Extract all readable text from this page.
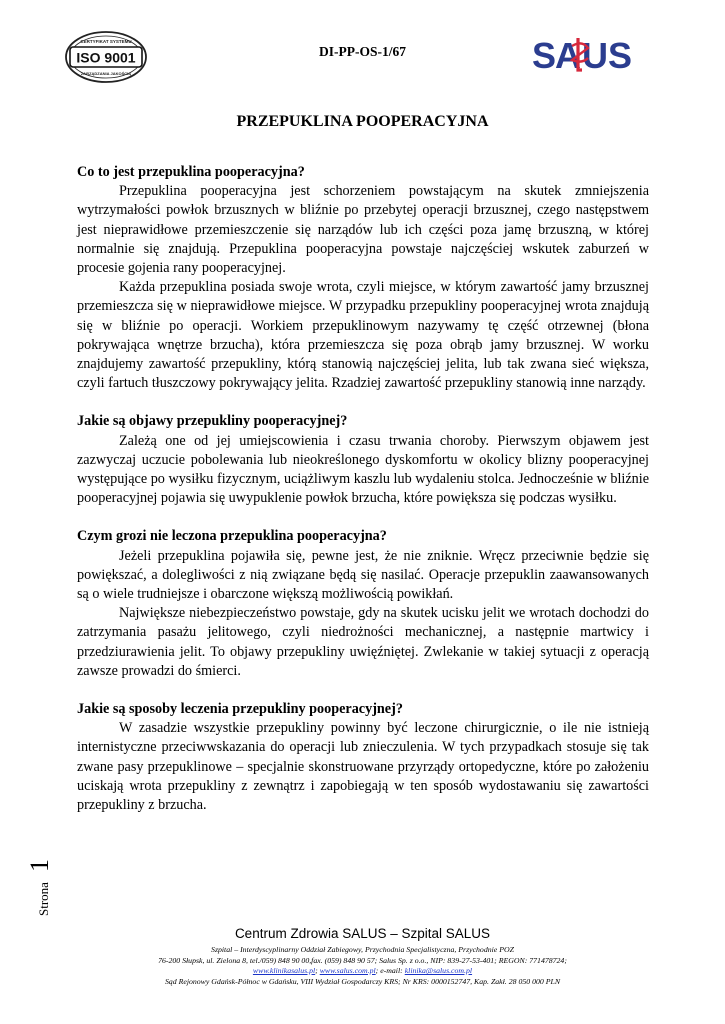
CERTYFIKAT SYSTEMU
ISO 9001
ZARZĄDZANIA JAKOŚCIĄ
DI-PP-OS-1/67	SA U S
PRZEPUKLINA POOPERACYJNA
Co to jest przepuklina pooperacyjna?

Przepuklina pooperacyjna jest schorzeniem powstającym na skutek zmniejszenia wytrzymałości powłok brzusznych w bliźnie po przebytej operacji brzusznej, czego następstwem jest nieprawidłowe przemieszczenie się narządów lub ich części poza jamę brzuszną, w której normalnie się znajdują. Przepuklina pooperacyjna powstaje najczęściej wskutek zaburzeń w procesie gojenia rany pooperacyjnej.

Każda przepuklina posiada swoje wrota, czyli miejsce, w którym zawartość jamy brzusznej przemieszcza się w nieprawidłowe miejsce. W przypadku przepukliny pooperacyjnej wrota znajdują się w bliźnie po operacji. Workiem przepuklinowym nazywamy tę część otrzewnej (błona pokrywająca wnętrze brzucha), która przemieszcza się poza obrąb jamy brzusznej. W worku znajdujemy zawartość przepukliny, którą stanowią najczęściej jelita, lub tak zwana sieć większa, czyli fartuch tłuszczowy pokrywający jelita. Rzadziej zawartość przepukliny stanowią inne narządy.

Jakie są objawy przepukliny pooperacyjnej?

Zależą one od jej umiejscowienia i czasu trwania choroby. Pierwszym objawem jest zazwyczaj uczucie pobolewania lub nieokreślonego dyskomfortu w okolicy blizny pooperacyjnej występujące po wysiłku fizycznym, uciążliwym kaszlu lub wydaleniu stolca. Jednocześnie w bliźnie pooperacyjnej pojawia się uwypuklenie powłok brzucha, które powiększa się podczas wysiłku.

Czym grozi nie leczona przepuklina pooperacyjna?

Jeżeli przepuklina pojawiła się, pewne jest, że nie zniknie. Wręcz przeciwnie będzie się powiększać, a dolegliwości z nią związane będą się nasilać. Operacje przepuklin zaawansowanych są o wiele trudniejsze i obarczone większą możliwością powikłań.

Największe niebezpieczeństwo powstaje, gdy na skutek ucisku jelit we wrotach dochodzi do zatrzymania pasażu jelitowego, czyli niedrożności mechanicznej, a następnie martwicy i przedziurawienia jelit. To objawy przepukliny uwięźniętej. Zwlekanie w takiej sytuacji z operacją zawsze prowadzi do śmierci.

Jakie są sposoby leczenia przepukliny pooperacyjnej?

W zasadzie wszystkie przepukliny powinny być leczone chirurgicznie, o ile nie istnieją internistyczne przeciwwskazania do operacji lub znieczulenia. W tych przypadkach stosuje się tak zwane pasy przepuklinowe – specjalnie skonstruowane przyrządy ortopedyczne, które po założeniu uciskają wrota przepukliny z zewnątrz i zapobiegają w ten sposób wydostawaniu się zawartości przepukliny z brzucha.

Strona
1
Centrum Zdrowia SALUS – Szpital SALUS
Szpital – Interdyscyplinarny Oddział Zabiegowy, Przychodnia Specjalistyczna, Przychodnie POZ
76-200 Słupsk, ul. Zielona 8, tel./059) 848 90 00,fax. (059) 848 90 57; Salus Sp. z o.o., NIP: 839-27-53-401; REGON: 771478724;
www.klinikasalus.pl; www.salus.com.pl; e-mail: klinika@salus.com.pl
Sąd Rejonowy Gdańsk-Północ w Gdańsku, VIII Wydział Gospodarczy KRS; Nr KRS: 0000152747, Kap. Zakł. 28 050 000 PLN
